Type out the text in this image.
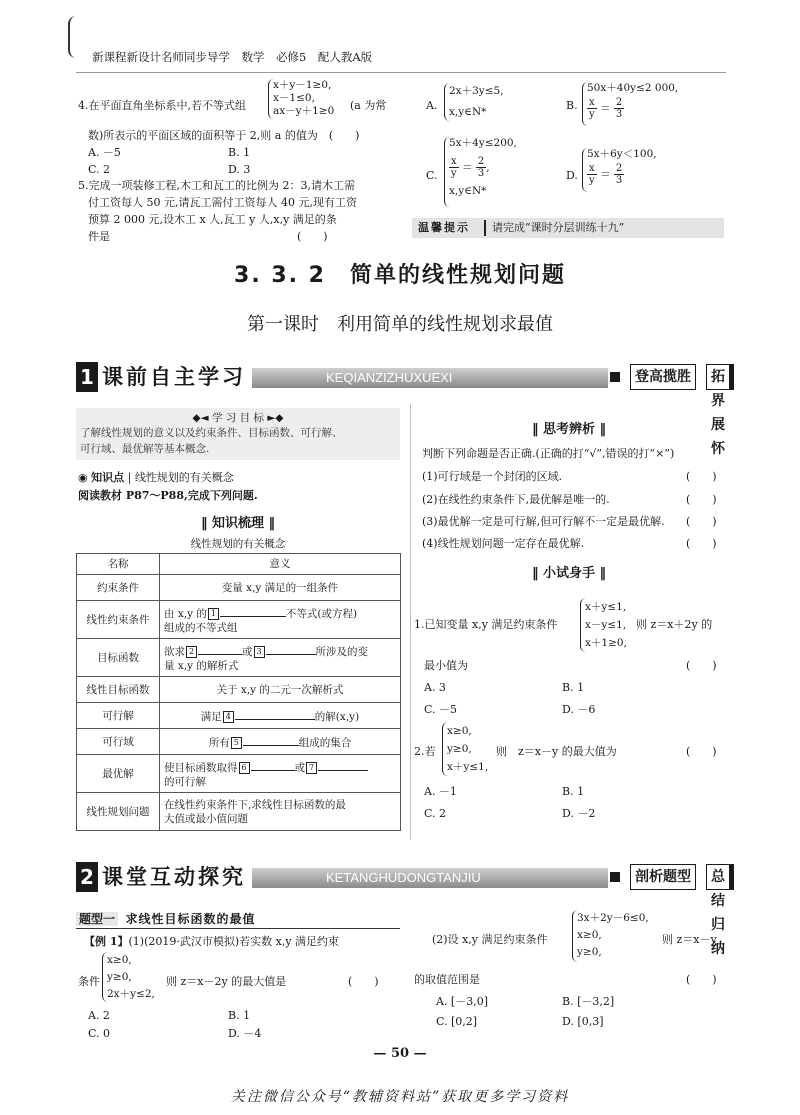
新课程新设计名师同步导学　数学　必修5　配人教A版
4.在平面直角坐标系中,若不等式组
x＋y－1≥0,
x－1≤0,
ax－y＋1≥0 (a 为常
数)所表示的平面区域的面积等于 2,则 a 的值为　(　　)
A. －5	B. 1
C. 2	D. 3
5.完成一项装修工程,木工和瓦工的比例为 2：3,请木工需
付工资每人 50 元,请瓦工需付工资每人 40 元,现有工资
预算 2 000 元,设木工 x 人,瓦工 y 人,x,y 满足的条
件是　　　　　　　　　　　　　　　　　(　　)
A.
2x＋3y≤5,
x,y∈N*	B.
50x＋40y≤2 000,
$\frac{x}{y} = \frac{2}{3}$
C.
5x＋4y≤200,
$\frac{x}{y} = \frac{2}{3}$ ,
x,y∈N*
D.
5x＋6y＜100,
$\frac{x}{y} = \frac{2}{3}$
温馨提示 请完成“课时分层训练十九”
3. 3. 2　简单的线性规划问题
第一课时　利用简单的线性规划求最值
1 课前自主学习	KEQIANZIZHUXUEXI	登高揽胜	拓界展怀
◆◄ 学 习 目 标 ►◆
了解线性规划的意义以及约束条件、目标函数、可行解、
可行域、最优解等基本概念.
◉ 知识点 | 线性规划的有关概念
阅读教材 P87～P88,完成下列问题.
‖ 知识梳理 ‖
线性规划的有关概念
名称	意义
约束条件	变量 x,y 满足的一组条件
线性约束条件	由 x,y 的 1 不等式(或方程)
组成的不等式组
目标函数	欲求 2 或 3 所涉及的变
量 x,y 的解析式
线性目标函数	关于 x,y 的二元一次解析式
可行解	满足 4 的解(x,y)
可行域	所有 5 组成的集合
最优解	使目标函数取得 6 或 7
的可行解
线性规划问题	在线性约束条件下,求线性目标函数的最
大值或最小值问题
‖ 思考辨析 ‖
判断下列命题是否正确.(正确的打“√”,错误的打“×”)
(1)可行域是一个封闭的区域.	(　　)
(2)在线性约束条件下,最优解是唯一的.	(　　)
(3)最优解一定是可行解,但可行解不一定是最优解. (　　)
(4)线性规划问题一定存在最优解.	(　　)
‖ 小试身手 ‖
1.已知变量 x,y 满足约束条件
x＋y≤1,
x－y≤1,
x＋1≥0,
则 z＝x＋2y 的
最小值为	(　　)
A. 3	B. 1
C. －5	D. －6
2.若
x≥0,
y≥0,
x＋y≤1,
则　z＝x－y 的最大值为	(　　)
A. －1	B. 1
C. 2	D. －2
2 课堂互动探究	KETANGHUDONGTANJIU	剖析题型	总结归纳
题型一 求线性目标函数的最值
【例 1】(1)(2019·武汉市模拟)若实数 x,y 满足约束
条件
x≥0,
y≥0,
2x＋y≤2,
则 z＝x－2y 的最大值是	(　　)
A. 2	B. 1
C. 0	D. －4
(2)设 x,y 满足约束条件
3x＋2y－6≤0,
x≥0,
y≥0,
则 z＝x－y
的取值范围是	(　　)
A. [－3,0]	B. [－3,2]
C. [0,2]	D. [0,3]
— 50 —
关注微信公众号“教辅资料站”获取更多学习资料
